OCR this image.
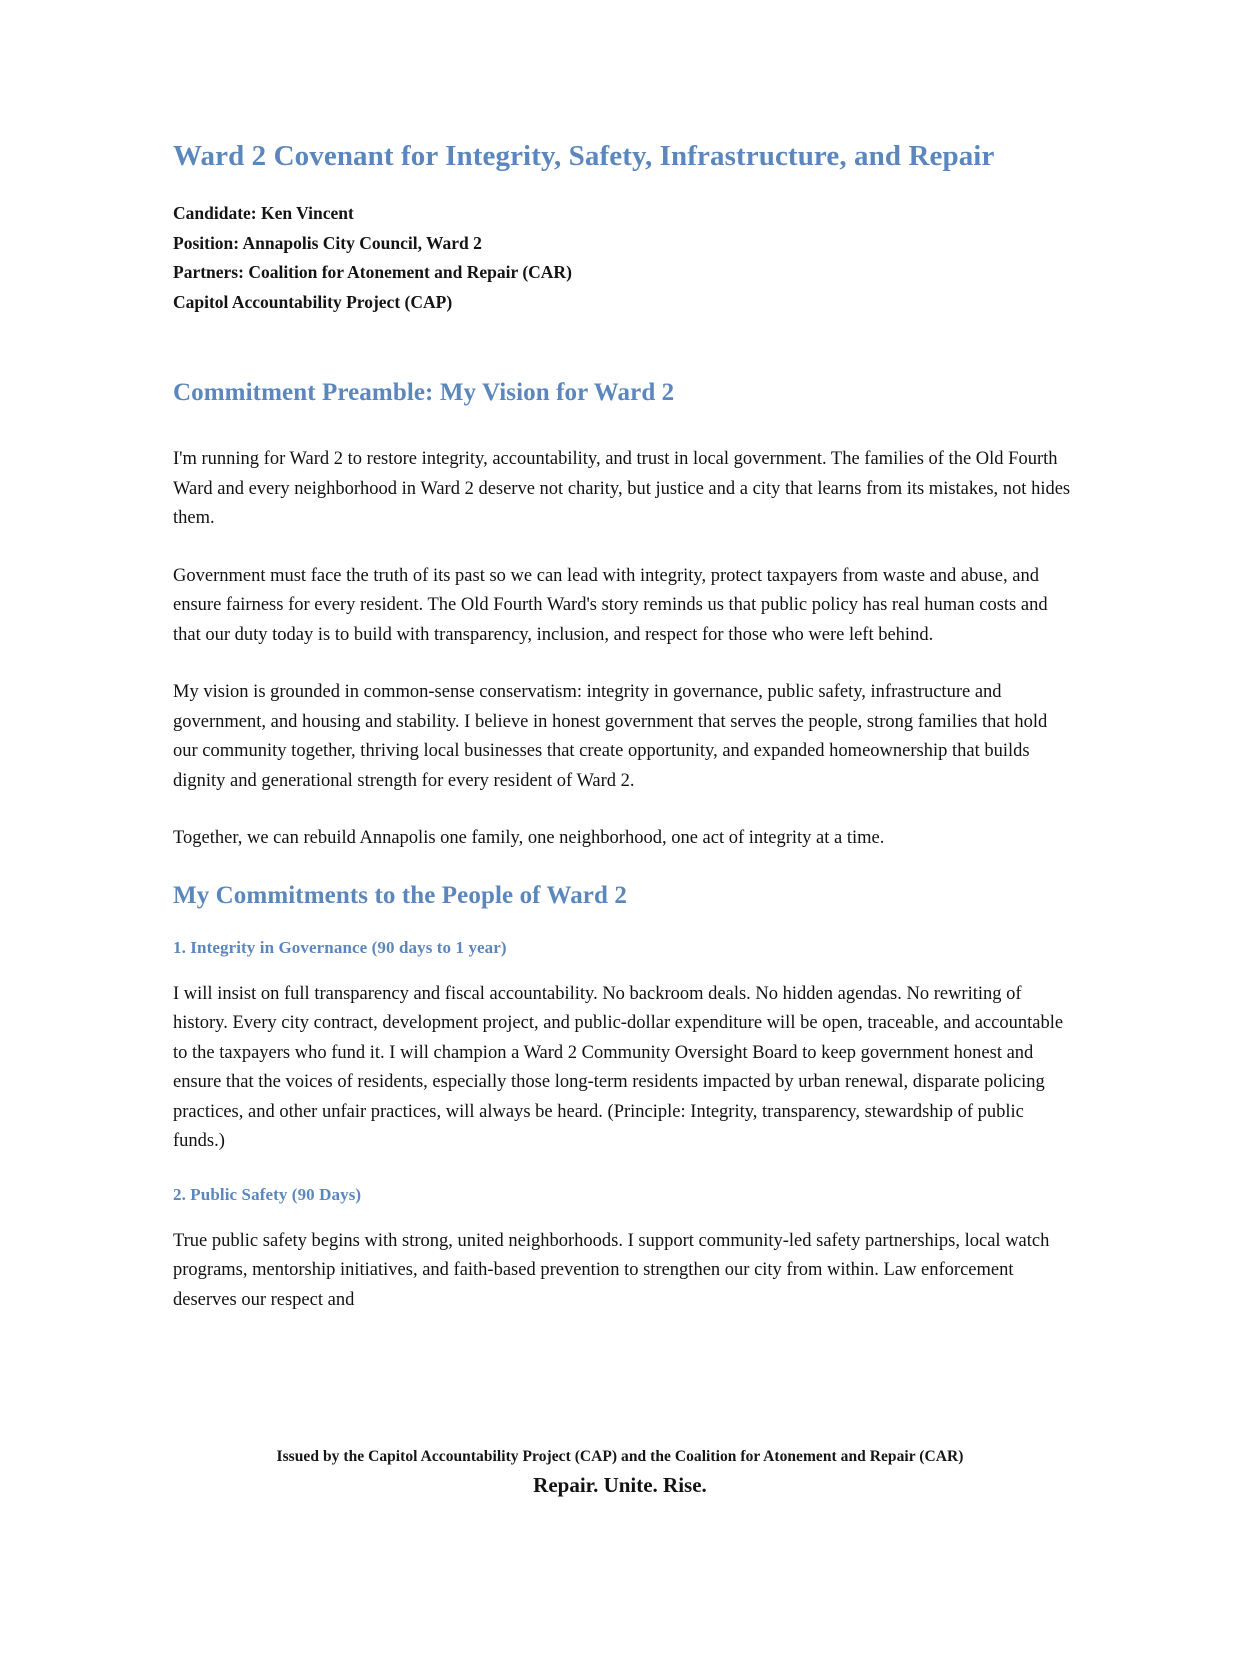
Ward 2 Covenant for Integrity, Safety, Infrastructure, and Repair
Candidate: Ken Vincent
Position: Annapolis City Council, Ward 2
Partners: Coalition for Atonement and Repair (CAR)
Capitol Accountability Project (CAP)
Commitment Preamble: My Vision for Ward 2

I'm running for Ward 2 to restore integrity, accountability, and trust in local government. The families of the Old Fourth Ward and every neighborhood in Ward 2 deserve not charity, but justice and a city that learns from its mistakes, not hides them.

Government must face the truth of its past so we can lead with integrity, protect taxpayers from waste and abuse, and ensure fairness for every resident. The Old Fourth Ward's story reminds us that public policy has real human costs and that our duty today is to build with transparency, inclusion, and respect for those who were left behind.

My vision is grounded in common-sense conservatism: integrity in governance, public safety, infrastructure and government, and housing and stability. I believe in honest government that serves the people, strong families that hold our community together, thriving local businesses that create opportunity, and expanded homeownership that builds dignity and generational strength for every resident of Ward 2.

Together, we can rebuild Annapolis one family, one neighborhood, one act of integrity at a time.

My Commitments to the People of Ward 2
1. Integrity in Governance (90 days to 1 year)

I will insist on full transparency and fiscal accountability. No backroom deals. No hidden agendas. No rewriting of history. Every city contract, development project, and public-dollar expenditure will be open, traceable, and accountable to the taxpayers who fund it. I will champion a Ward 2 Community Oversight Board to keep government honest and ensure that the voices of residents, especially those long-term residents impacted by urban renewal, disparate policing practices, and other unfair practices, will always be heard. (Principle: Integrity, transparency, stewardship of public funds.)

2. Public Safety (90 Days)

True public safety begins with strong, united neighborhoods. I support community-led safety partnerships, local watch programs, mentorship initiatives, and faith-based prevention to strengthen our city from within. Law enforcement deserves our respect and

Issued by the Capitol Accountability Project (CAP) and the Coalition for Atonement and Repair (CAR)
Repair. Unite. Rise.
